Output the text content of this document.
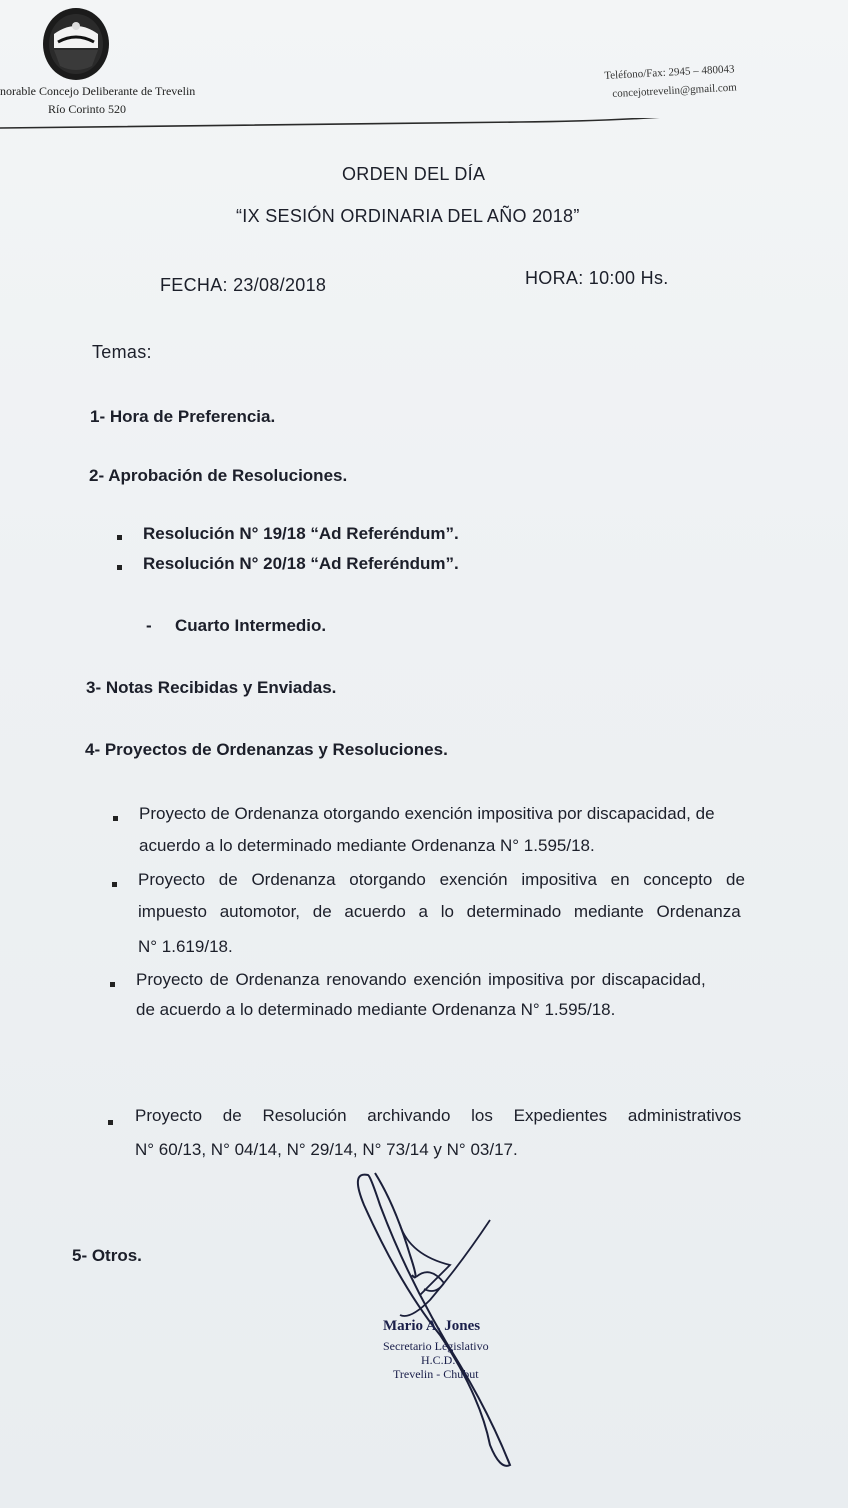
norable Concejo Deliberante de Trevelin
Río Corinto 520
Teléfono/Fax: 2945 – 480043
concejotrevelin@gmail.com
ORDEN DEL DÍA
“IX SESIÓN ORDINARIA DEL AÑO 2018”
FECHA: 23/08/2018	HORA: 10:00 Hs.
Temas:
1- Hora de Preferencia.
2- Aprobación de Resoluciones.
Resolución N° 19/18 “Ad Referéndum”.
Resolución N° 20/18 “Ad Referéndum”.
- Cuarto Intermedio.
3- Notas Recibidas y Enviadas.
4- Proyectos de Ordenanzas y Resoluciones.
Proyecto de Ordenanza otorgando exención impositiva por discapacidad, de
acuerdo a lo determinado mediante Ordenanza N° 1.595/18.
Proyecto de Ordenanza otorgando exención impositiva en concepto de
impuesto automotor, de acuerdo a lo determinado mediante Ordenanza
N° 1.619/18.
Proyecto de Ordenanza renovando exención impositiva por discapacidad,
de acuerdo a lo determinado mediante Ordenanza N° 1.595/18.
Proyecto de Resolución archivando los Expedientes administrativos
N° 60/13, N° 04/14, N° 29/14, N° 73/14 y N° 03/17.
5- Otros.
Mario A. Jones
Secretario Legislativo
H.C.D.
Trevelin - Chubut
